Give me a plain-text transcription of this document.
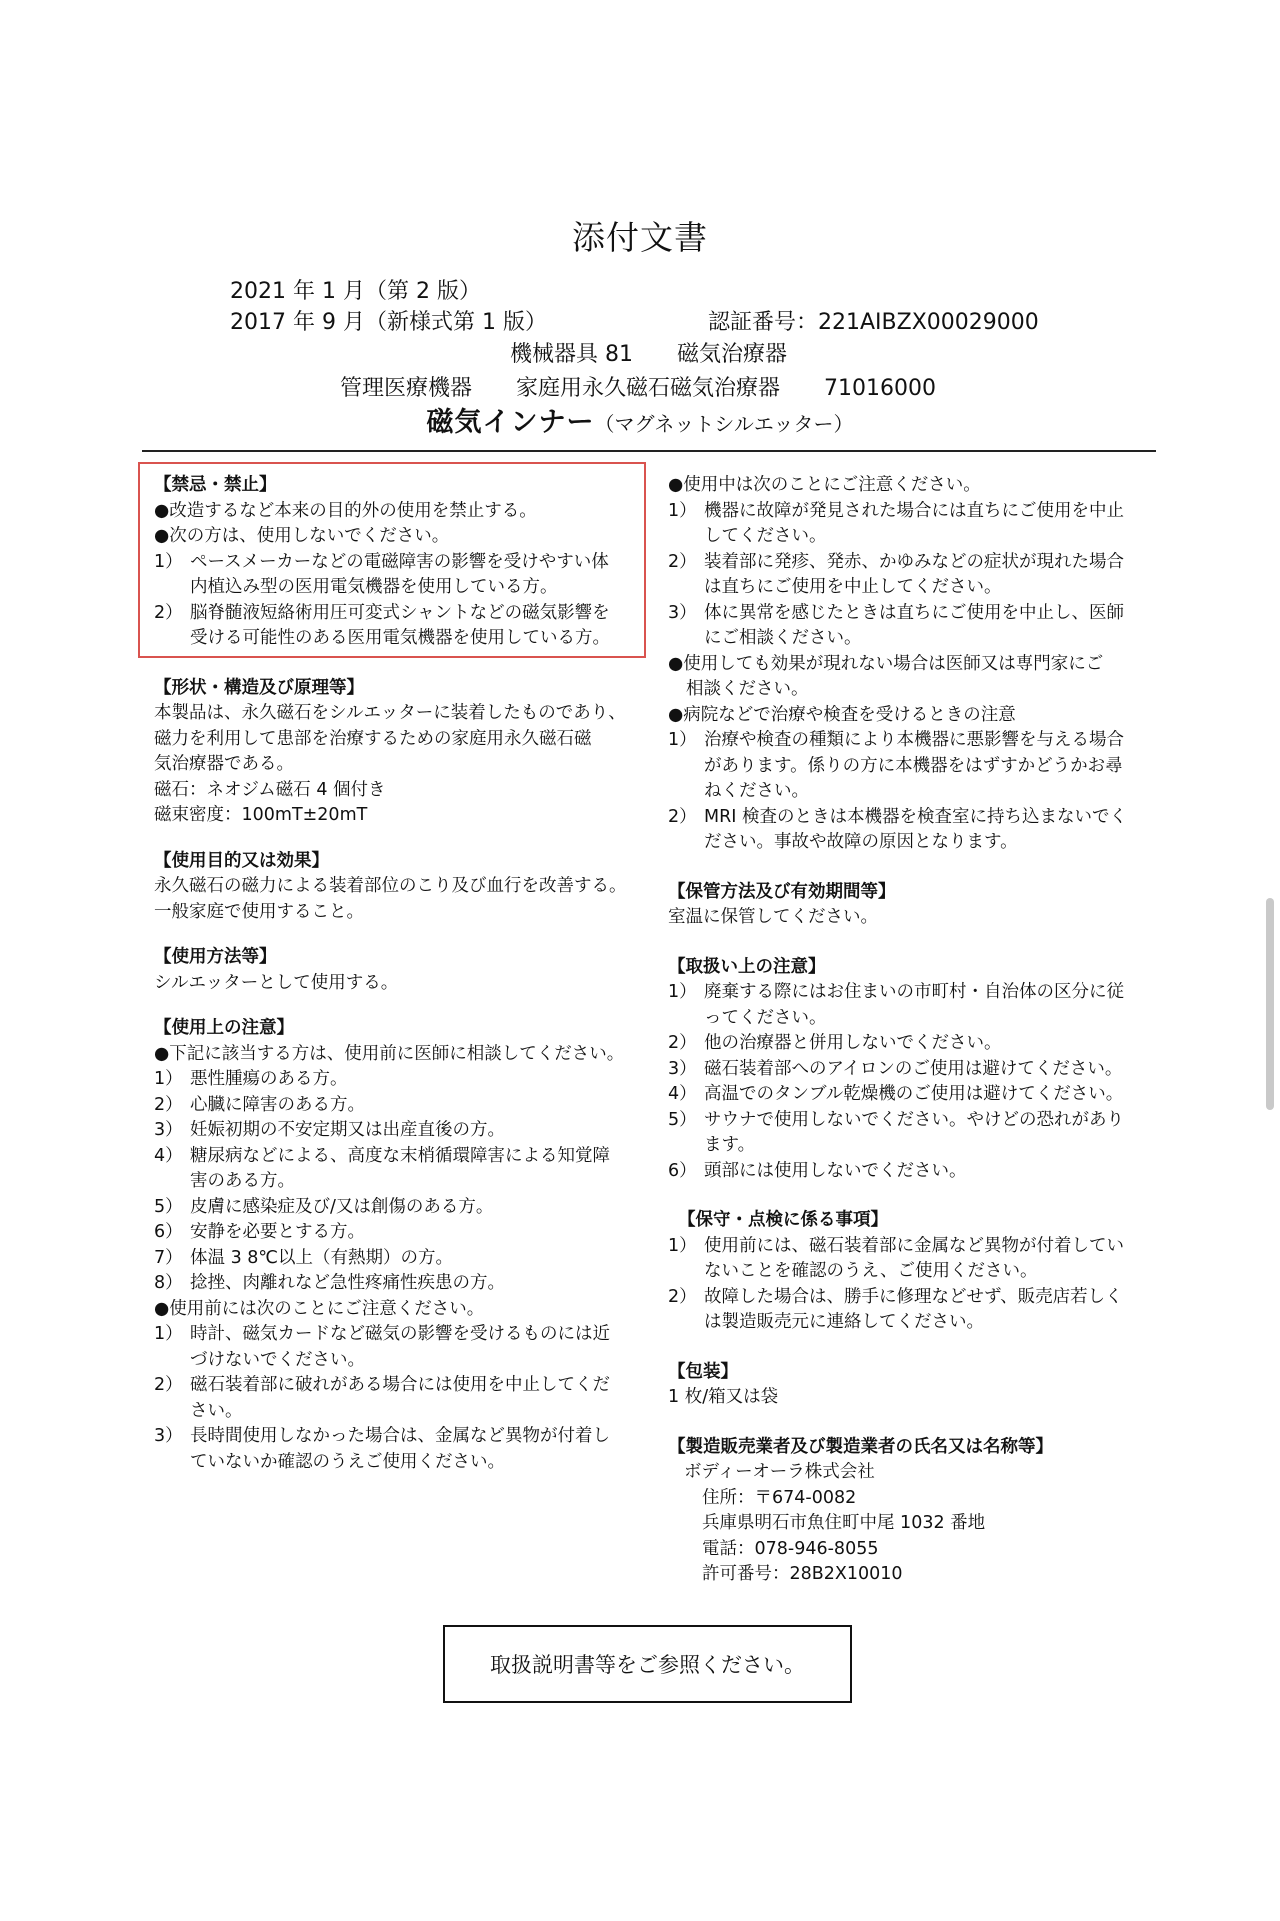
添付文書
2021 年 1 月（第 2 版）
2017 年 9 月（新様式第 1 版）	認証番号：221AIBZX00029000
機械器具 81　　磁気治療器
管理医療機器　　家庭用永久磁石磁気治療器　　71016000
磁気インナー（マグネットシルエッター）
【禁忌・禁止】
●改造するなど本来の目的外の使用を禁止する。
●次の方は、使用しないでください。
1） ペースメーカーなどの電磁障害の影響を受けやすい体
内植込み型の医用電気機器を使用している方。
2） 脳脊髄液短絡術用圧可変式シャントなどの磁気影響を
受ける可能性のある医用電気機器を使用している方。
【形状・構造及び原理等】
本製品は、永久磁石をシルエッターに装着したものであり、
磁力を利用して患部を治療するための家庭用永久磁石磁
気治療器である。
磁石：ネオジム磁石 4 個付き
磁束密度：100mT±20mT
【使用目的又は効果】
永久磁石の磁力による装着部位のこり及び血行を改善する。
一般家庭で使用すること。
【使用方法等】
シルエッターとして使用する。
【使用上の注意】
●下記に該当する方は、使用前に医師に相談してください。
1） 悪性腫瘍のある方。
2） 心臓に障害のある方。
3） 妊娠初期の不安定期又は出産直後の方。
4） 糖尿病などによる、高度な末梢循環障害による知覚障
害のある方。
5） 皮膚に感染症及び/又は創傷のある方。
6） 安静を必要とする方。
7） 体温 3 8℃以上（有熱期）の方。
8） 捻挫、肉離れなど急性疼痛性疾患の方。
●使用前には次のことにご注意ください。
1） 時計、磁気カードなど磁気の影響を受けるものには近
づけないでください。
2） 磁石装着部に破れがある場合には使用を中止してくだ
さい。
3） 長時間使用しなかった場合は、金属など異物が付着し
ていないか確認のうえご使用ください。
●使用中は次のことにご注意ください。
1） 機器に故障が発見された場合には直ちにご使用を中止
してください。
2） 装着部に発疹、発赤、かゆみなどの症状が現れた場合
は直ちにご使用を中止してください。
3） 体に異常を感じたときは直ちにご使用を中止し、医師
にご相談ください。
●使用しても効果が現れない場合は医師又は専門家にご
相談ください。
●病院などで治療や検査を受けるときの注意
1） 治療や検査の種類により本機器に悪影響を与える場合
があります。係りの方に本機器をはずすかどうかお尋
ねください。
2） MRI 検査のときは本機器を検査室に持ち込まないでく
ださい。事故や故障の原因となります。
【保管方法及び有効期間等】
室温に保管してください。
【取扱い上の注意】
1） 廃棄する際にはお住まいの市町村・自治体の区分に従
ってください。
2） 他の治療器と併用しないでください。
3） 磁石装着部へのアイロンのご使用は避けてください。
4） 高温でのタンブル乾燥機のご使用は避けてください。
5） サウナで使用しないでください。やけどの恐れがあり
ます。
6） 頭部には使用しないでください。
【保守・点検に係る事項】
1） 使用前には、磁石装着部に金属など異物が付着してい
ないことを確認のうえ、ご使用ください。
2） 故障した場合は、勝手に修理などせず、販売店若しく
は製造販売元に連絡してください。
【包装】
1 枚/箱又は袋
【製造販売業者及び製造業者の氏名又は名称等】
ボディーオーラ株式会社
住所：〒674-0082
兵庫県明石市魚住町中尾 1032 番地
電話：078-946-8055
許可番号：28B2X10010
取扱説明書等をご参照ください。
